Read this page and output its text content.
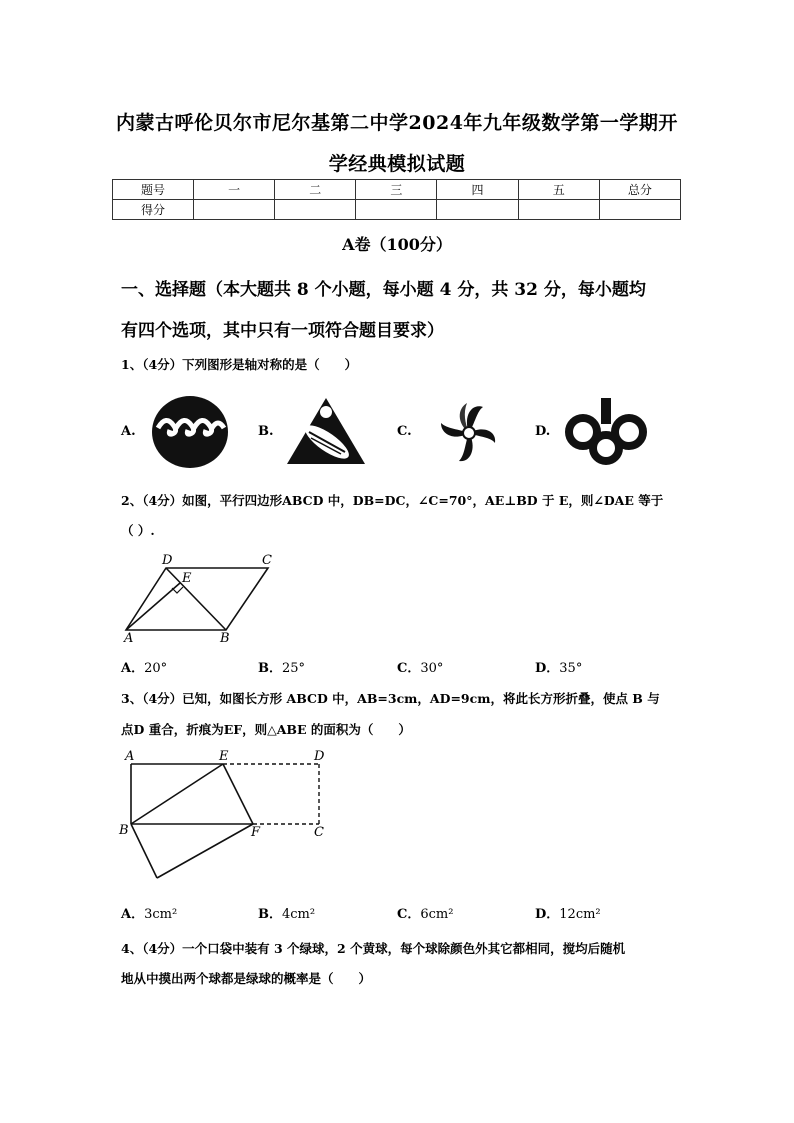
内蒙古呼伦贝尔市尼尔基第二中学2024年九年级数学第一学期开
学经典模拟试题
题号	一	二	三	四	五	总分
得分						
A卷（100分）
一、选择题（本大题共 8 个小题，每小题 4 分，共 32 分，每小题均
有四个选项，其中只有一项符合题目要求）
1、（4分）下列图形是轴对称的是（　　）
A.	B.	C.	D.
2、（4分）如图，平行四边形ABCD 中，DB=DC，∠C=70°，AE⊥BD 于 E，则∠DAE 等于
（ ）.
A	B
C
D
E
A．20°	B．25°	C．30°	D．35°
3、（4分）已知，如图长方形 ABCD 中，AB=3cm，AD=9cm，将此长方形折叠，使点 B 与
点D 重合，折痕为EF，则△ABE 的面积为（　　）
A	E	D
B	F	C
A．3cm²	B．4cm²	C．6cm²	D．12cm²
4、（4分）一个口袋中装有 3 个绿球，2 个黄球，每个球除颜色外其它都相同，搅均后随机
地从中摸出两个球都是绿球的概率是（　　）
